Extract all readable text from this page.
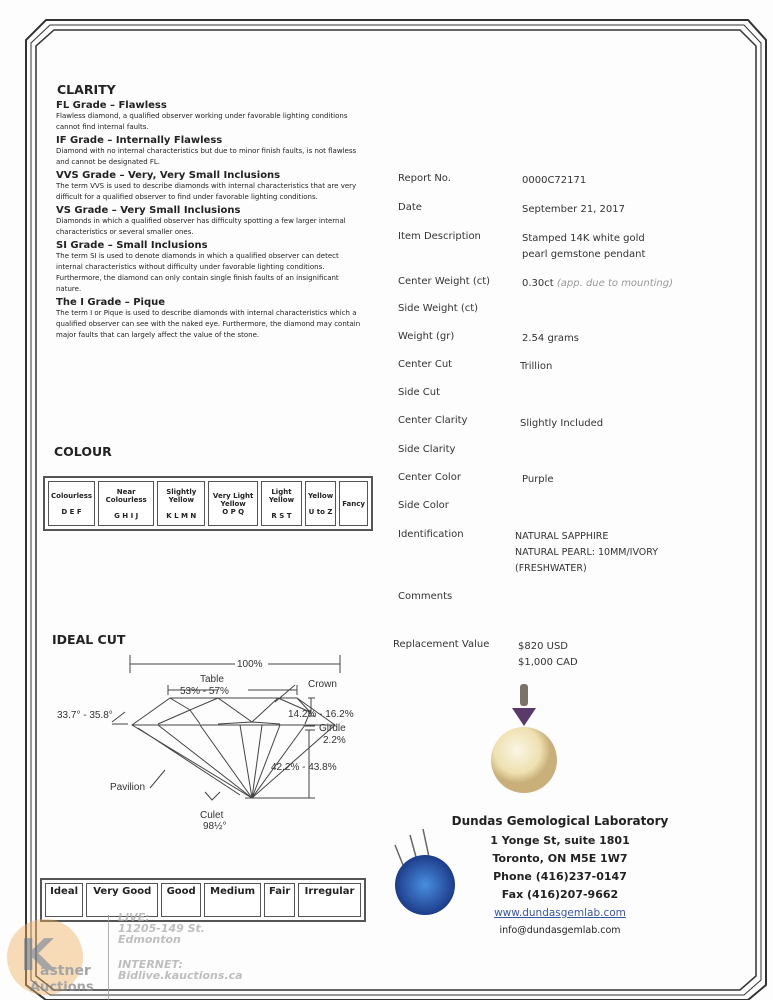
CLARITY
FL Grade – Flawless
Flawless diamond, a qualified observer working under favorable lighting conditions cannot find internal faults.
IF Grade – Internally Flawless
Diamond with no internal characteristics but due to minor finish faults, is not flawless and cannot be designated FL.
VVS Grade – Very, Very Small Inclusions
The term VVS is used to describe diamonds with internal characteristics that are very difficult for a qualified observer to find under favorable lighting conditions.
VS Grade – Very Small Inclusions
Diamonds in which a qualified observer has difficulty spotting a few larger internal characteristics or several smaller ones.
SI Grade – Small Inclusions
The term SI is used to denote diamonds in which a qualified observer can detect internal characteristics without difficulty under favorable lighting conditions. Furthermore, the diamond can only contain single finish faults of an insignificant nature.
The I Grade – Pique
The term I or Pique is used to describe diamonds with internal characteristics which a qualified observer can see with the naked eye. Furthermore, the diamond may contain major faults that can largely affect the value of the stone.
COLOUR
Colourless

D E F

Near Colourless

G H I J

Slightly Yellow

K L M N

Very Light Yellow
O P Q

Light Yellow

R S T

Yellow

U to Z

Fancy
IDEAL CUT
100%
Table
53% - 57%
Crown
33.7° - 35.8°	14.2% - 16.2%
Girdle
2.2%
42.2% - 43.8%
Pavilion
Culet
98½°
Ideal	Very Good	Good	Medium	Fair	Irregular
Report No.	0000C72171
Date	September 21, 2017
Item Description	Stamped 14K white gold
pearl gemstone pendant
Center Weight (ct)	0.30ct (app. due to mounting)
Side Weight (ct)
Weight (gr)	2.54 grams
Center Cut	Trillion
Side Cut
Center Clarity	Slightly Included
Side Clarity
Center Color	Purple
Side Color
Identification	NATURAL SAPPHIRE
NATURAL PEARL: 10MM/IVORY
(FRESHWATER)
Comments
Replacement Value	$820 USD
$1,000 CAD
Dundas Gemological Laboratory
1 Yonge St, suite 1801
Toronto, ON M5E 1W7
Phone (416)237-0147
Fax (416)207-9662
www.dundasgemlab.com
info@dundasgemlab.com
K
astner
Auctions
LIVE:
11205-149 St.
Edmonton
INTERNET:
Bidlive.kauctions.ca
